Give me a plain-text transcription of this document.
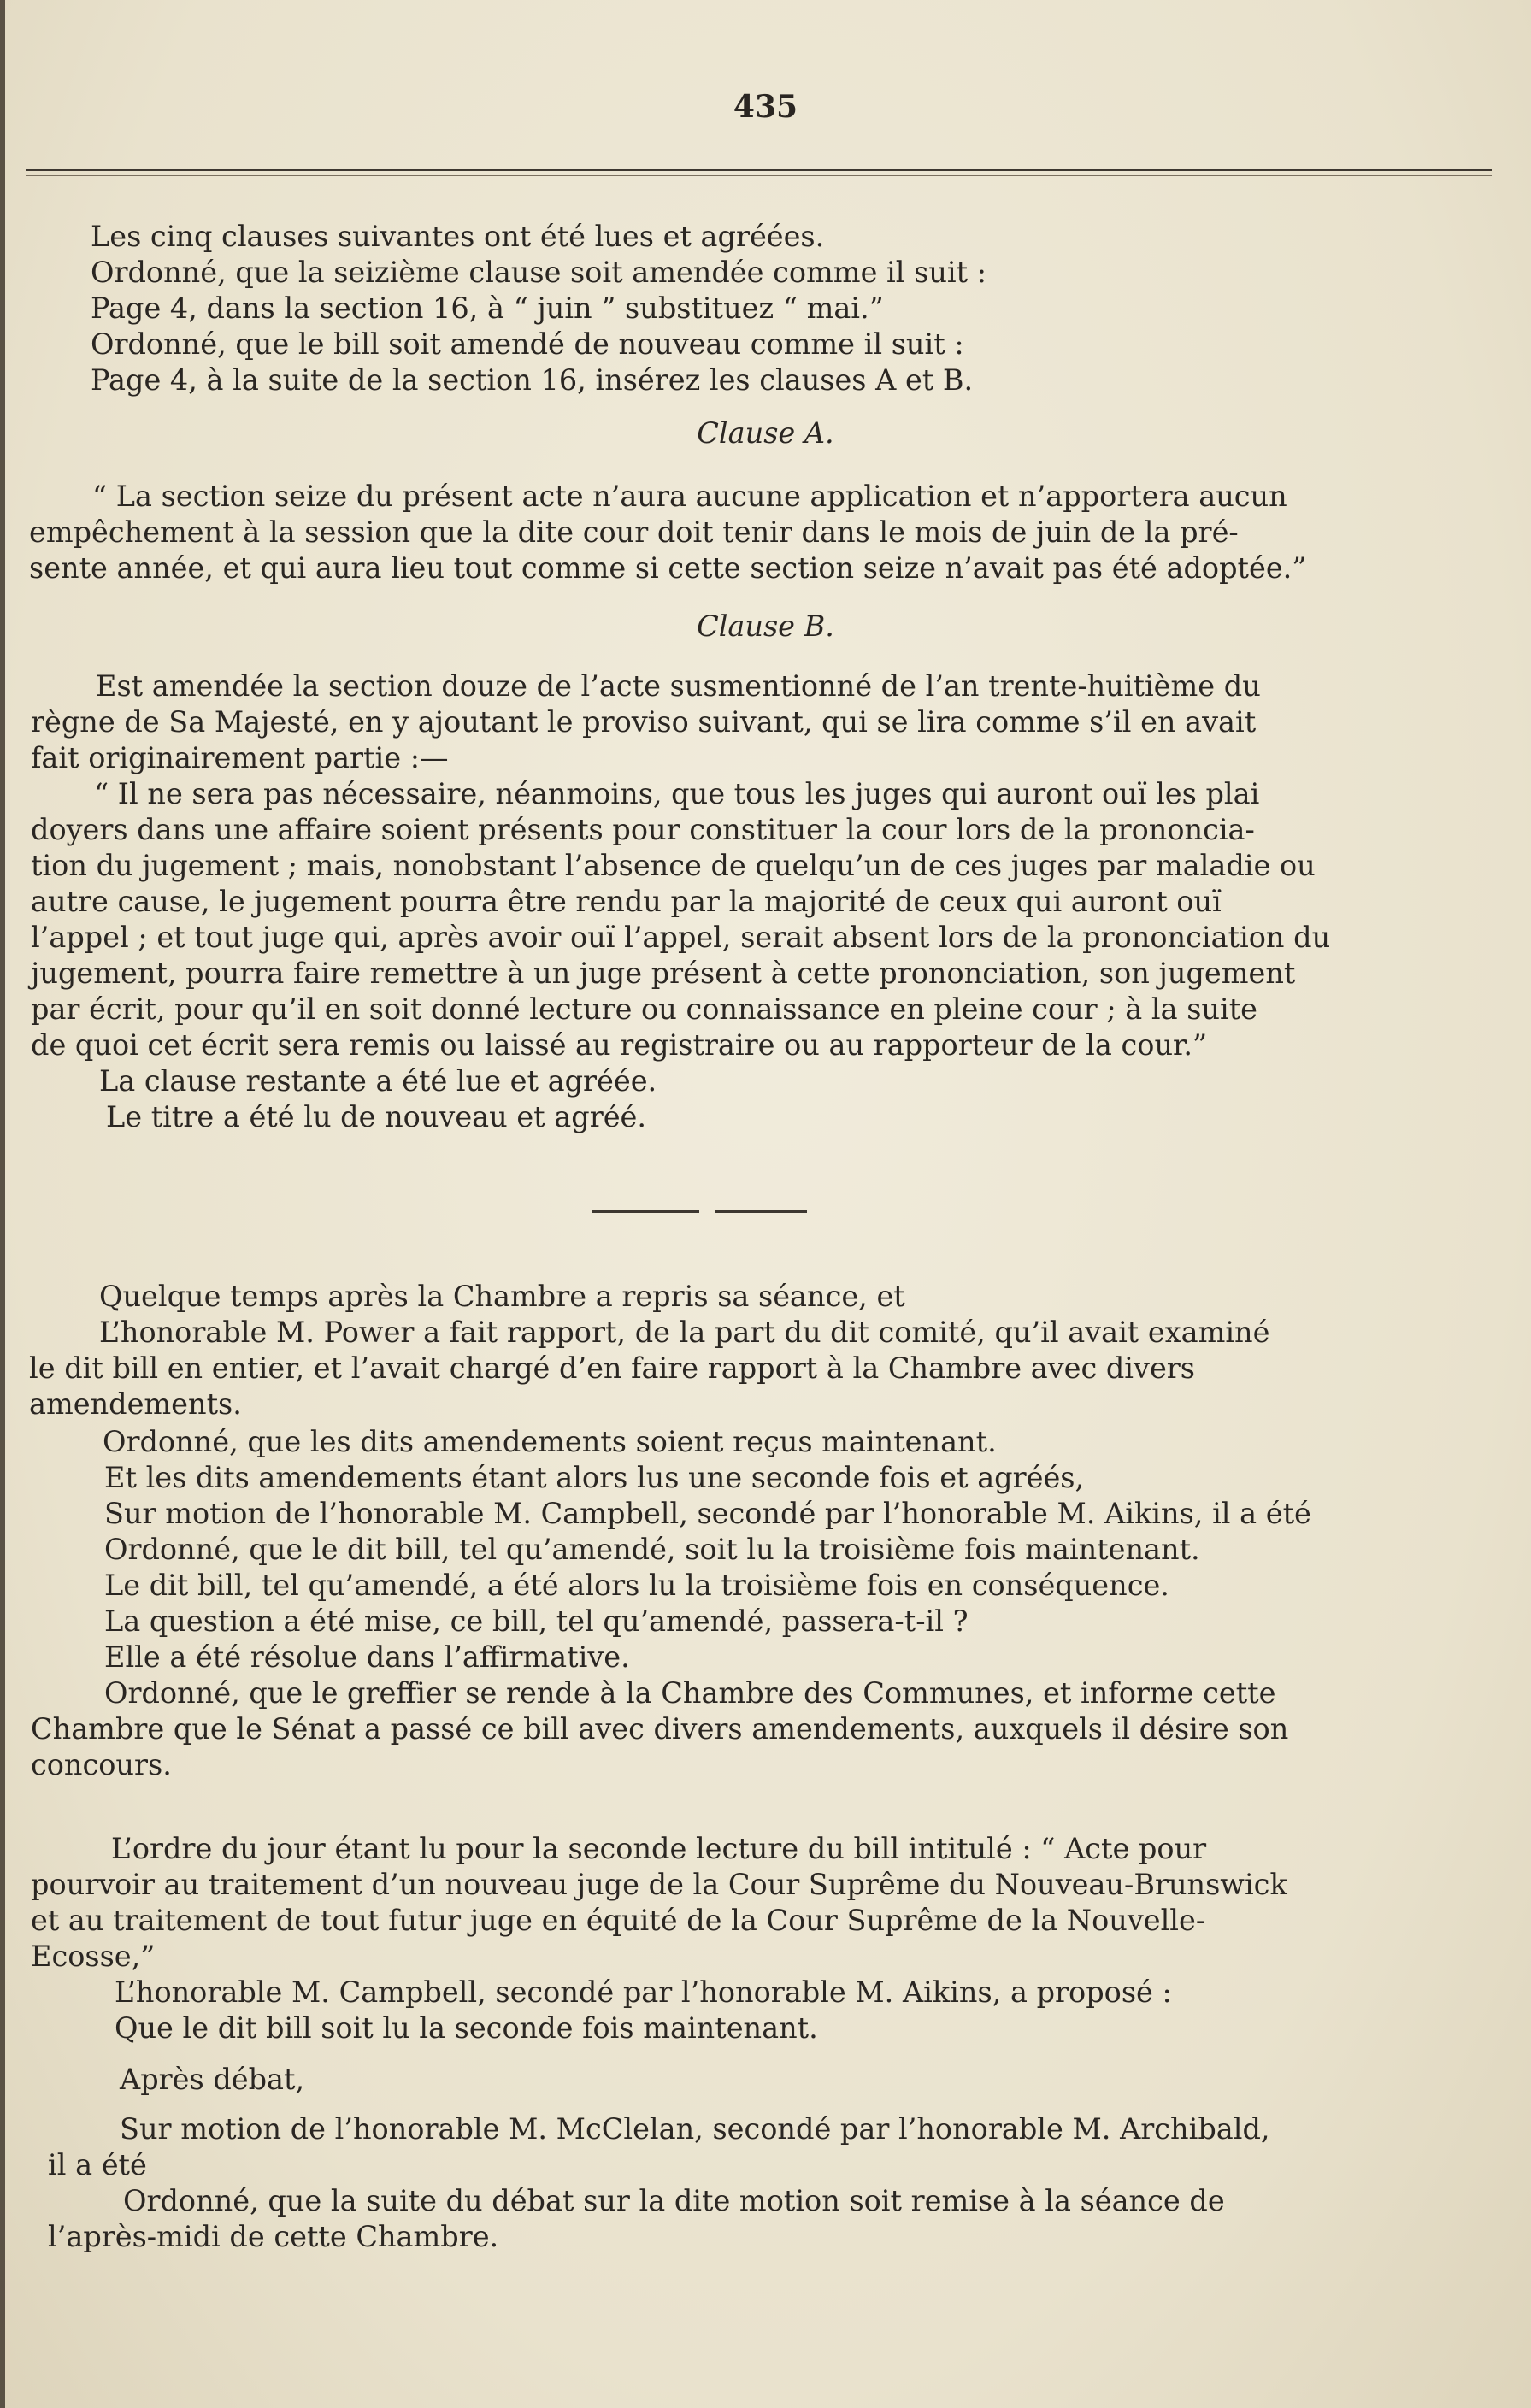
435
Les cinq clauses suivantes ont été lues et agréées.
Ordonné, que la seizième clause soit amendée comme il suit :
Page 4, dans la section 16, à “ juin ” substituez “ mai.”
Ordonné, que le bill soit amendé de nouveau comme il suit :
Page 4, à la suite de la section 16, insérez les clauses A et B.
Clause A.
“ La section seize du présent acte n’aura aucune application et n’apportera aucun
empêchement à la session que la dite cour doit tenir dans le mois de juin de la pré-
sente année, et qui aura lieu tout comme si cette section seize n’avait pas été adoptée.”
Clause B.
Est amendée la section douze de l’acte susmentionné de l’an trente-huitième du
règne de Sa Majesté, en y ajoutant le proviso suivant, qui se lira comme s’il en avait
fait originairement partie :—
“ Il ne sera pas nécessaire, néanmoins, que tous les juges qui auront ouï les plai
doyers dans une affaire soient présents pour constituer la cour lors de la prononcia-
tion du jugement ; mais, nonobstant l’absence de quelqu’un de ces juges par maladie ou
autre cause, le jugement pourra être rendu par la majorité de ceux qui auront ouï
l’appel ; et tout juge qui, après avoir ouï l’appel, serait absent lors de la prononciation du
jugement, pourra faire remettre à un juge présent à cette prononciation, son jugement
par écrit, pour qu’il en soit donné lecture ou connaissance en pleine cour ; à la suite
de quoi cet écrit sera remis ou laissé au registraire ou au rapporteur de la cour.”
La clause restante a été lue et agréée.
Le titre a été lu de nouveau et agréé.
Quelque temps après la Chambre a repris sa séance, et
L’honorable M. Power a fait rapport, de la part du dit comité, qu’il avait examiné
le dit bill en entier, et l’avait chargé d’en faire rapport à la Chambre avec divers
amendements.
Ordonné, que les dits amendements soient reçus maintenant.
Et les dits amendements étant alors lus une seconde fois et agréés,
Sur motion de l’honorable M. Campbell, secondé par l’honorable M. Aikins, il a été
Ordonné, que le dit bill, tel qu’amendé, soit lu la troisième fois maintenant.
Le dit bill, tel qu’amendé, a été alors lu la troisième fois en conséquence.
La question a été mise, ce bill, tel qu’amendé, passera-t-il ?
Elle a été résolue dans l’affirmative.
Ordonné, que le greffier se rende à la Chambre des Communes, et informe cette
Chambre que le Sénat a passé ce bill avec divers amendements, auxquels il désire son
concours.
L’ordre du jour étant lu pour la seconde lecture du bill intitulé : “ Acte pour
pourvoir au traitement d’un nouveau juge de la Cour Suprême du Nouveau-Brunswick
et au traitement de tout futur juge en équité de la Cour Suprême de la Nouvelle-
Ecosse,”
L’honorable M. Campbell, secondé par l’honorable M. Aikins, a proposé :
Que le dit bill soit lu la seconde fois maintenant.
Après débat,
Sur motion de l’honorable M. McClelan, secondé par l’honorable M. Archibald,
il a été
Ordonné, que la suite du débat sur la dite motion soit remise à la séance de
l’après-midi de cette Chambre.
